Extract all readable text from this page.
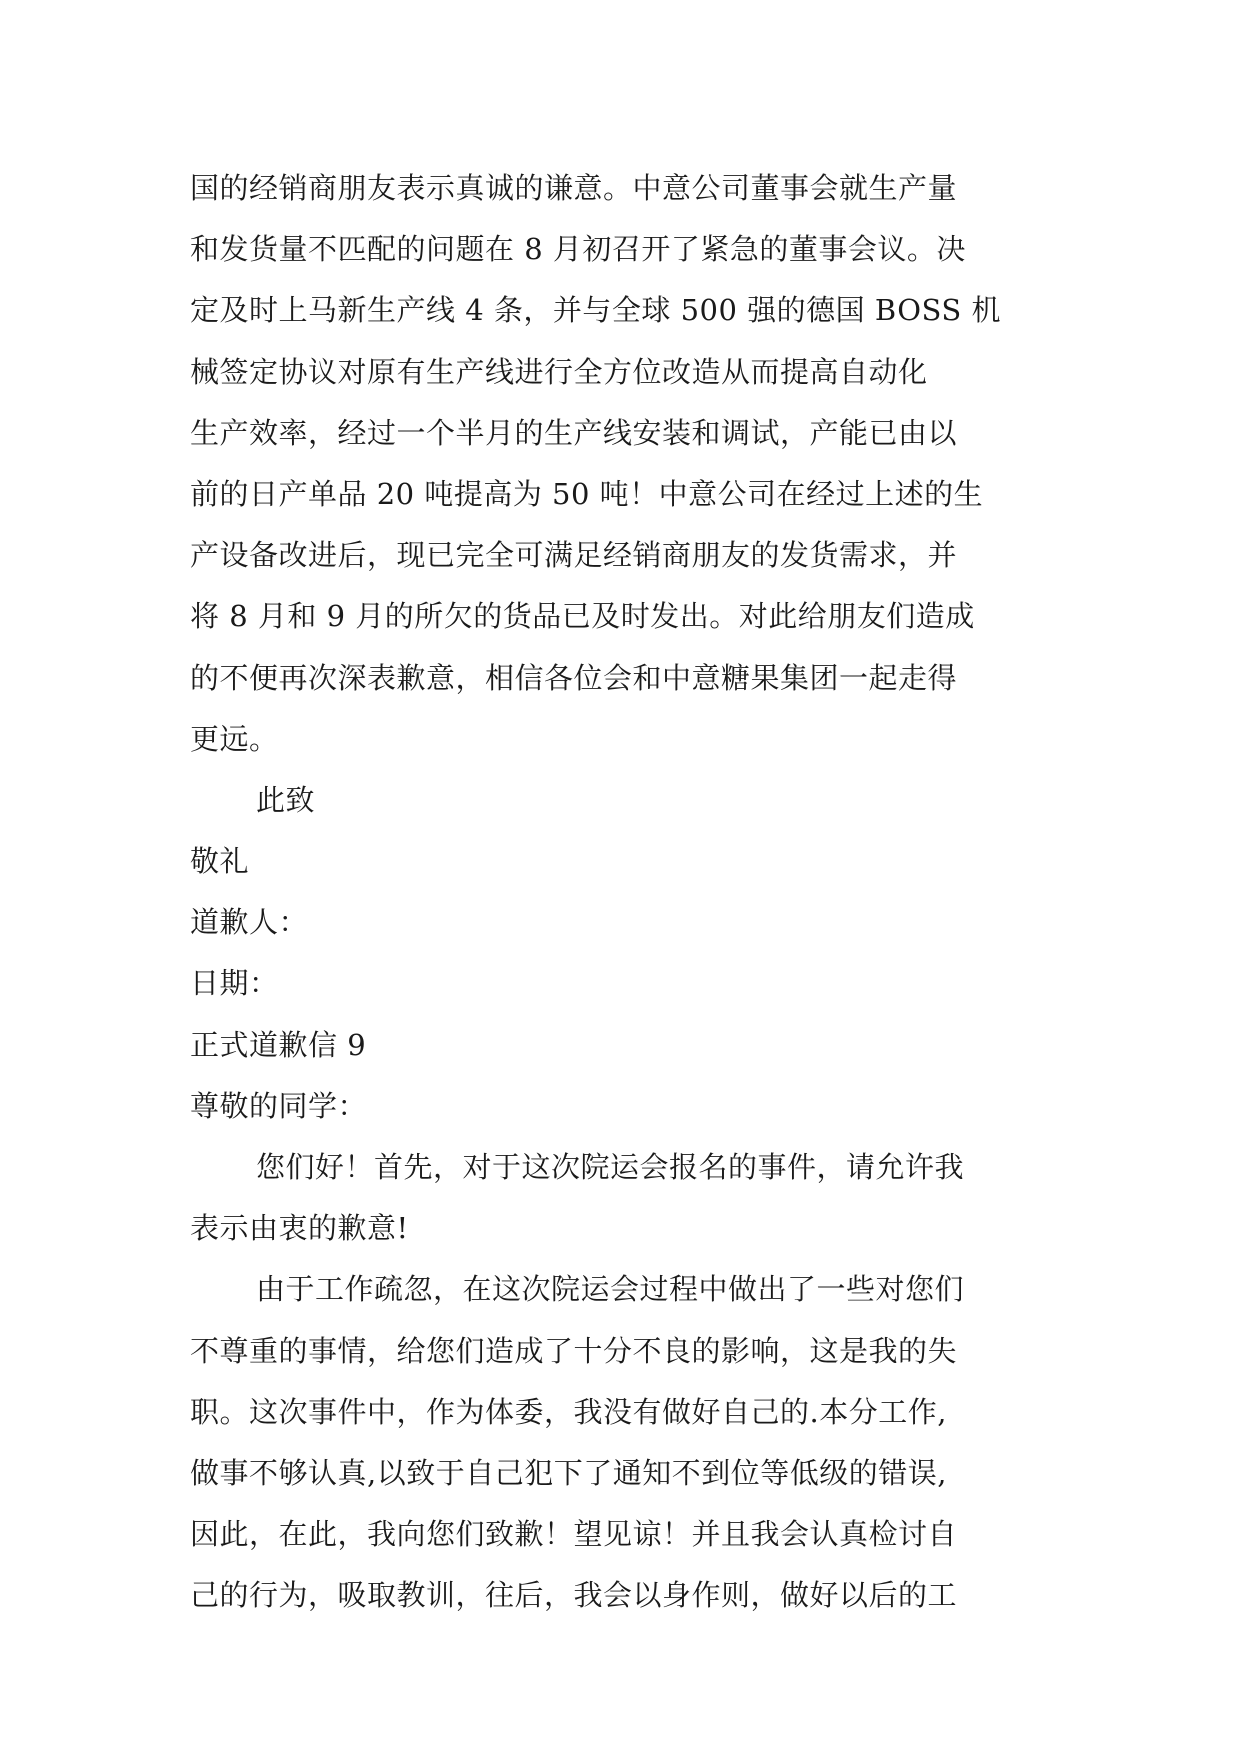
国的经销商朋友表示真诚的谦意。中意公司董事会就生产量
和发货量不匹配的问题在 8 月初召开了紧急的董事会议。决
定及时上马新生产线 4 条，并与全球 500 强的德国 BOSS 机
械签定协议对原有生产线进行全方位改造从而提高自动化
生产效率，经过一个半月的生产线安装和调试，产能已由以
前的日产单品 20 吨提高为 50 吨！中意公司在经过上述的生
产设备改进后，现已完全可满足经销商朋友的发货需求，并
将 8 月和 9 月的所欠的货品已及时发出。对此给朋友们造成
的不便再次深表歉意，相信各位会和中意糖果集团一起走得
更远。
此致
敬礼
道歉人：
日期：
正式道歉信 9
尊敬的同学：
您们好！首先，对于这次院运会报名的事件，请允许我
表示由衷的歉意!
由于工作疏忽，在这次院运会过程中做出了一些对您们
不尊重的事情，给您们造成了十分不良的影响，这是我的失
职。这次事件中，作为体委，我没有做好自己的.本分工作,
做事不够认真,以致于自己犯下了通知不到位等低级的错误,
因此，在此，我向您们致歉！望见谅！并且我会认真检讨自
己的行为，吸取教训，往后，我会以身作则，做好以后的工
